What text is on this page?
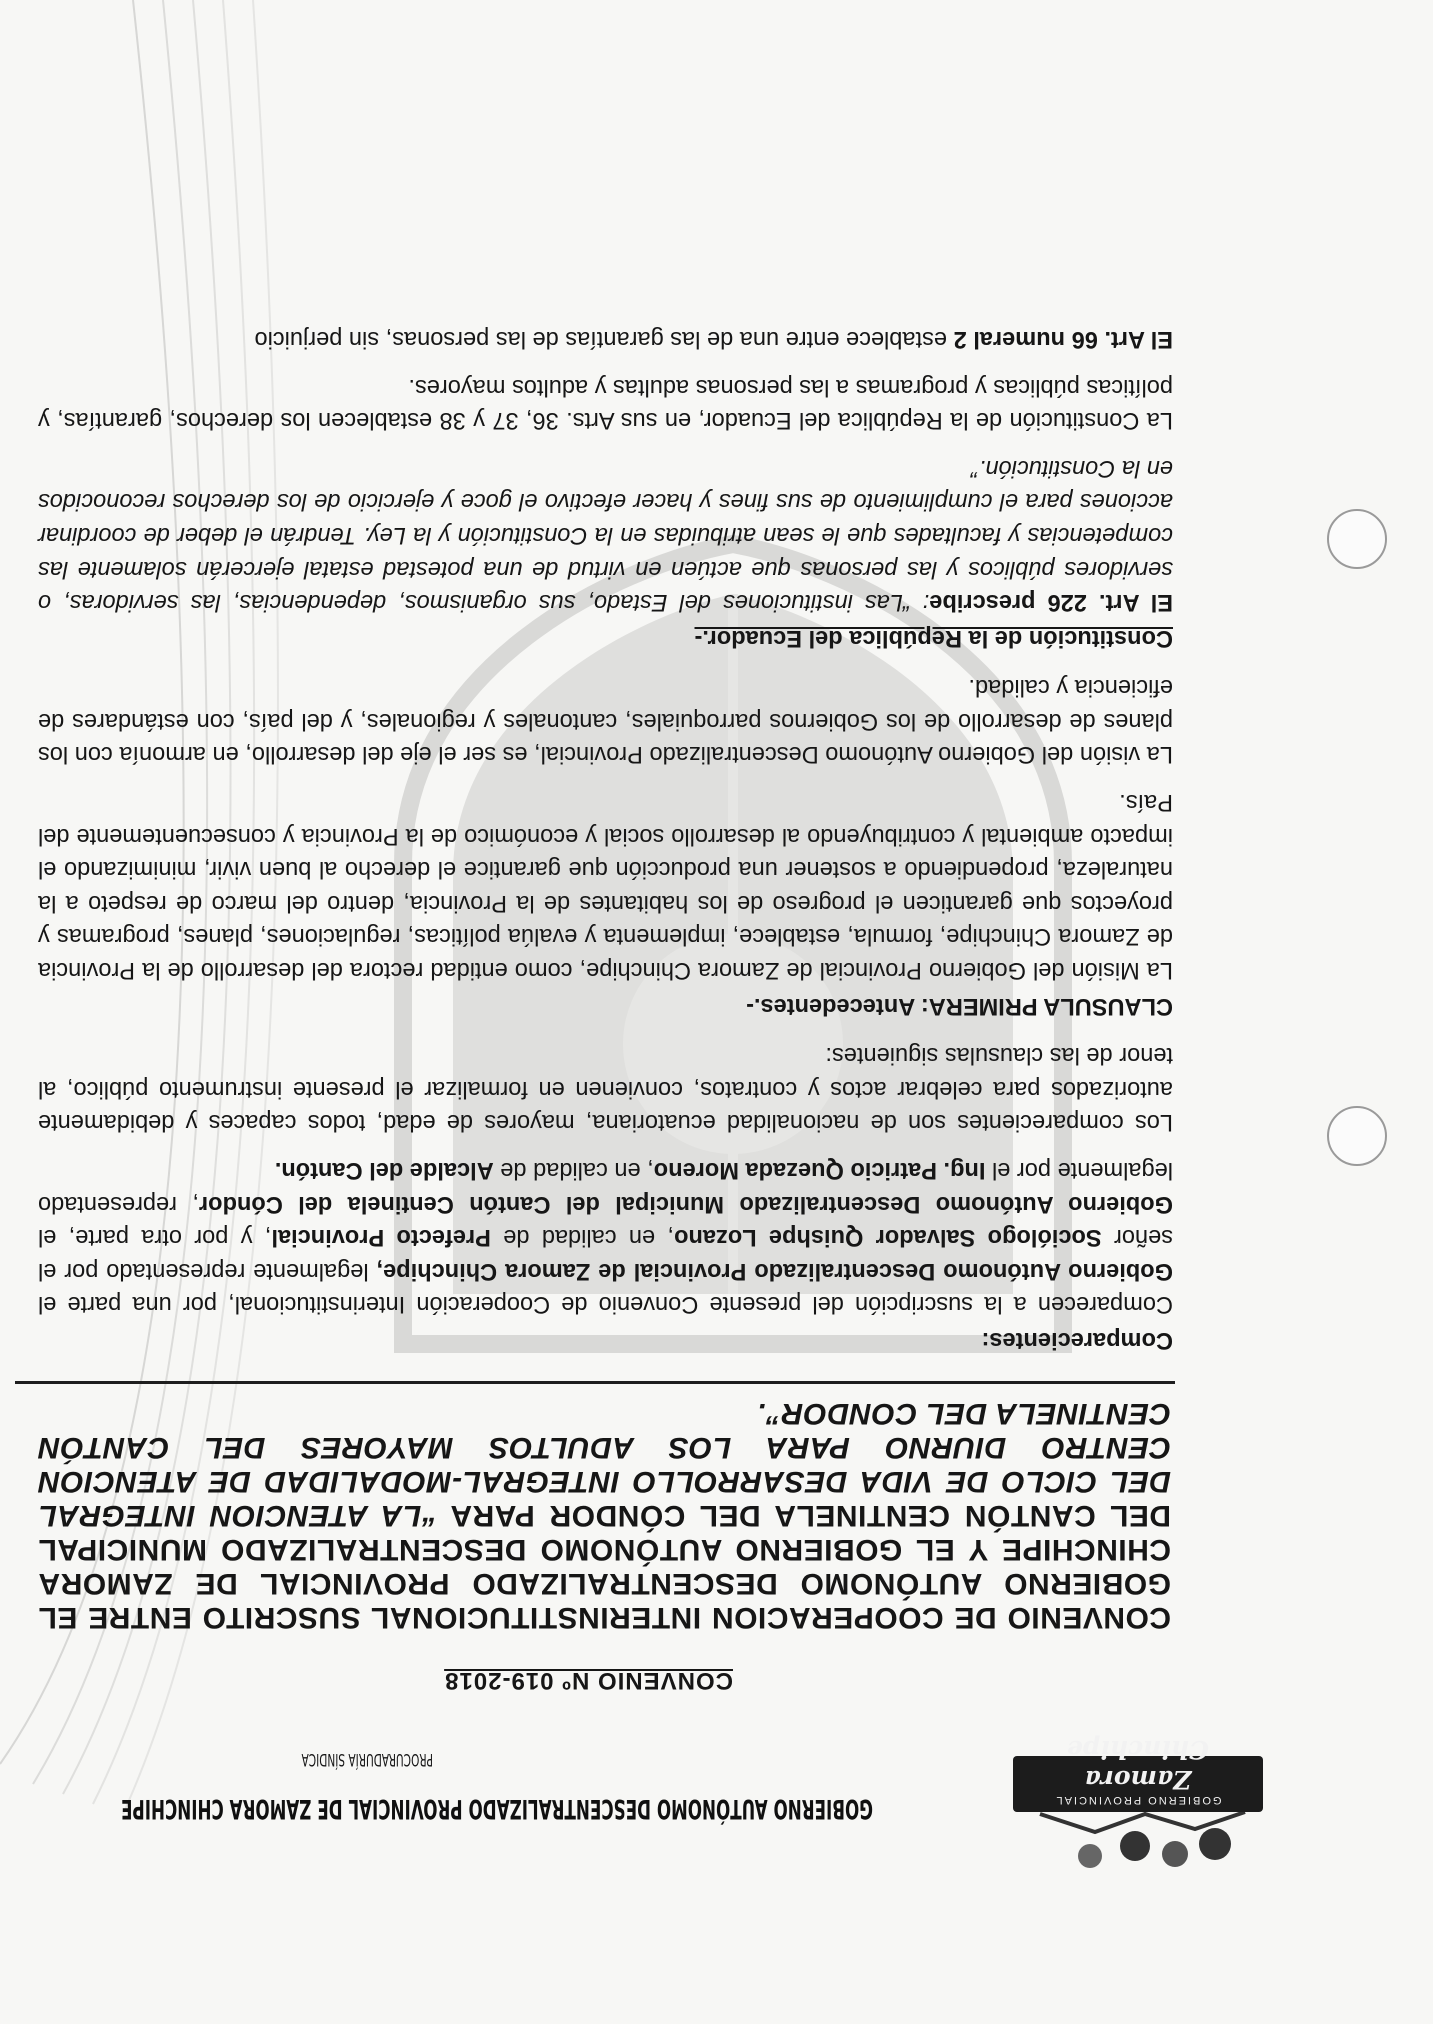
GOBIERNO PROVINCIAL
Zamora Chinchipe
GOBIERNO AUTÓNOMO DESCENTRALIZADO PROVINCIAL DE ZAMORA CHINCHIPE
PROCURADURÍA SÍNDICA
CONVENIO Nº 019-2018
CONVENIO DE COOPERACION INTERINSTITUCIONAL SUSCRITO ENTRE EL GOBIERNO AUTÓNOMO DESCENTRALIZADO PROVINCIAL DE ZAMORA CHINCHIPE Y EL GOBIERNO AUTÓNOMO DESCENTRALIZADO MUNICIPAL DEL CANTÓN CENTINELA DEL CÓNDOR PARA “LA ATENCION INTEGRAL DEL CICLO DE VIDA DESARROLLO INTEGRAL-MODALIDAD DE ATENCION CENTRO DIURNO PARA LOS ADULTOS MAYORES DEL CANTÓN CENTINELA DEL CONDOR”.

Comparecientes:

Comparecen a la suscripción del presente Convenio de Cooperación Interinstitucional, por una parte el Gobierno Autónomo Descentralizado Provincial de Zamora Chinchipe, legalmente representado por el señor Sociólogo Salvador Quishpe Lozano, en calidad de Prefecto Provincial, y por otra parte, el Gobierno Autónomo Descentralizado Municipal del Cantón Centinela del Cóndor, representado legalmente por el Ing. Patricio Quezada Moreno, en calidad de Alcalde del Cantón.

Los comparecientes son de nacionalidad ecuatoriana, mayores de edad, todos capaces y debidamente autorizados para celebrar actos y contratos, convienen en formalizar el presente instrumento público, al tenor de las clausulas siguientes:

CLAUSULA PRIMERA: Antecedentes.-

La Misión del Gobierno Provincial de Zamora Chinchipe, como entidad rectora del desarrollo de la Provincia de Zamora Chinchipe, formula, establece, implementa y evalúa políticas, regulaciones, planes, programas y proyectos que garanticen el progreso de los habitantes de la Provincia, dentro del marco de respeto a la naturaleza, propendiendo a sostener una producción que garantice el derecho al buen vivir, minimizando el impacto ambiental y contribuyendo al desarrollo social y económico de la Provincia y consecuentemente del País.

La visión del Gobierno Autónomo Descentralizado Provincial, es ser el eje del desarrollo, en armonía con los planes de desarrollo de los Gobiernos parroquiales, cantonales y regionales, y del país, con estándares de eficiencia y calidad.

Constitución de la República del Ecuador.-

El Art. 226 prescribe: “Las instituciones del Estado, sus organismos, dependencias, las servidoras, o servidores públicos y las personas que actúen en virtud de una potestad estatal ejercerán solamente las competencias y facultades que le sean atribuidas en la Constitución y la Ley. Tendrán el deber de coordinar acciones para el cumplimiento de sus fines y hacer efectivo el goce y ejercicio de los derechos reconocidos en la Constitución.”

La Constitución de la República del Ecuador, en sus Arts. 36, 37 y 38 establecen los derechos, garantías, y políticas públicas y programas a las personas adultas y adultos mayores.

El Art. 66 numeral 2 establece entre una de las garantías de las personas, sin perjuicio
